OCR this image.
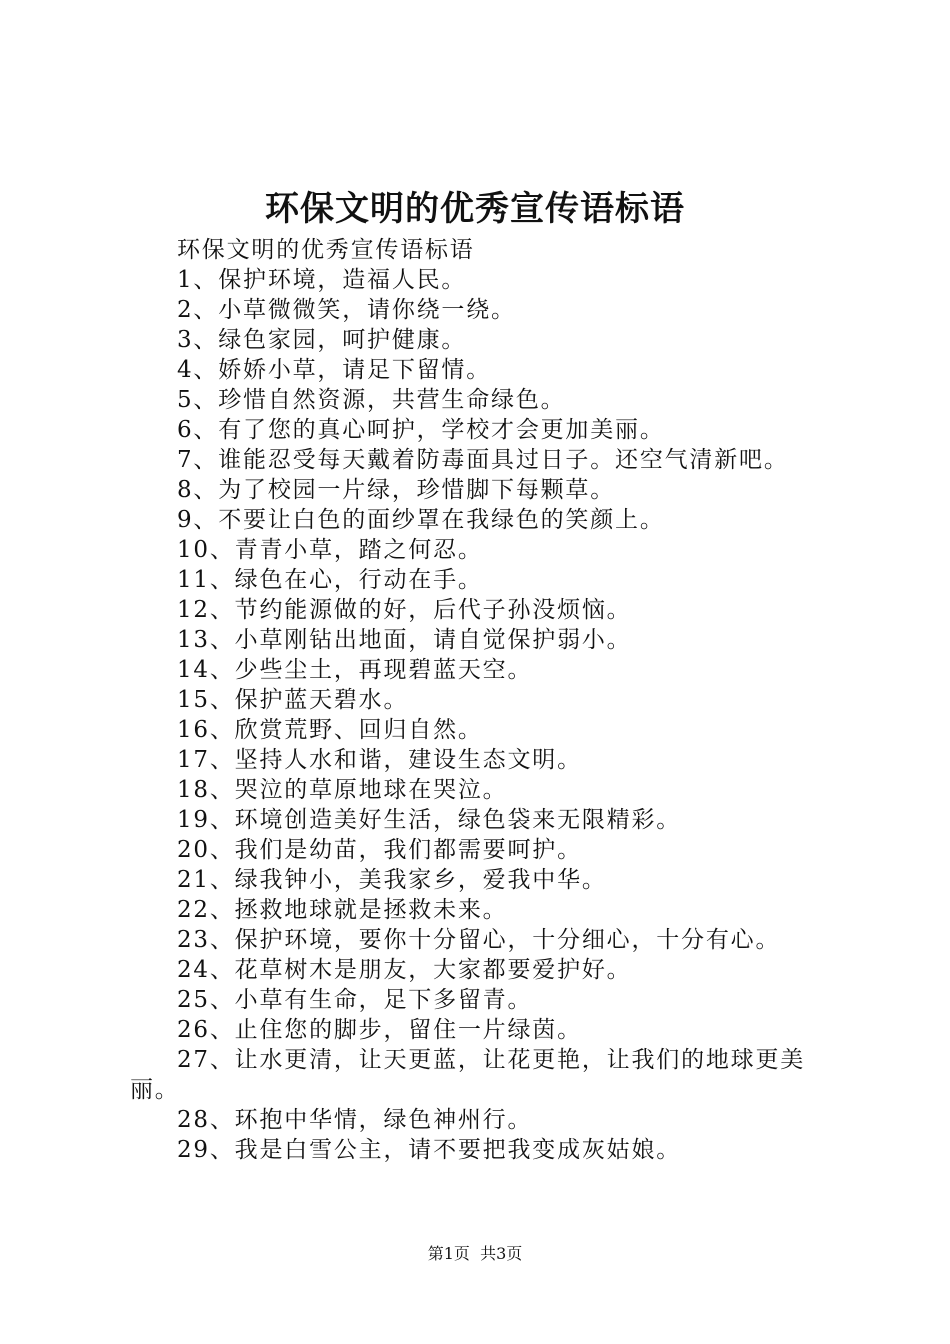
环保文明的优秀宣传语标语

环保文明的优秀宣传语标语

1、保护环境，造福人民。

2、小草微微笑，请你绕一绕。

3、绿色家园，呵护健康。

4、娇娇小草，请足下留情。

5、珍惜自然资源，共营生命绿色。

6、有了您的真心呵护，学校才会更加美丽。

7、谁能忍受每天戴着防毒面具过日子。还空气清新吧。

8、为了校园一片绿，珍惜脚下每颗草。

9、不要让白色的面纱罩在我绿色的笑颜上。

10、青青小草，踏之何忍。

11、绿色在心，行动在手。

12、节约能源做的好，后代子孙没烦恼。

13、小草刚钻出地面，请自觉保护弱小。

14、少些尘土，再现碧蓝天空。

15、保护蓝天碧水。

16、欣赏荒野、回归自然。

17、坚持人水和谐，建设生态文明。

18、哭泣的草原地球在哭泣。

19、环境创造美好生活，绿色袋来无限精彩。

20、我们是幼苗，我们都需要呵护。

21、绿我钟小，美我家乡，爱我中华。

22、拯救地球就是拯救未来。

23、保护环境，要你十分留心，十分细心，十分有心。

24、花草树木是朋友，大家都要爱护好。

25、小草有生命，足下多留青。

26、止住您的脚步，留住一片绿茵。

27、让水更清，让天更蓝，让花更艳，让我们的地球更美丽。

28、环抱中华情，绿色神州行。

29、我是白雪公主，请不要把我变成灰姑娘。

第1页  共3页
